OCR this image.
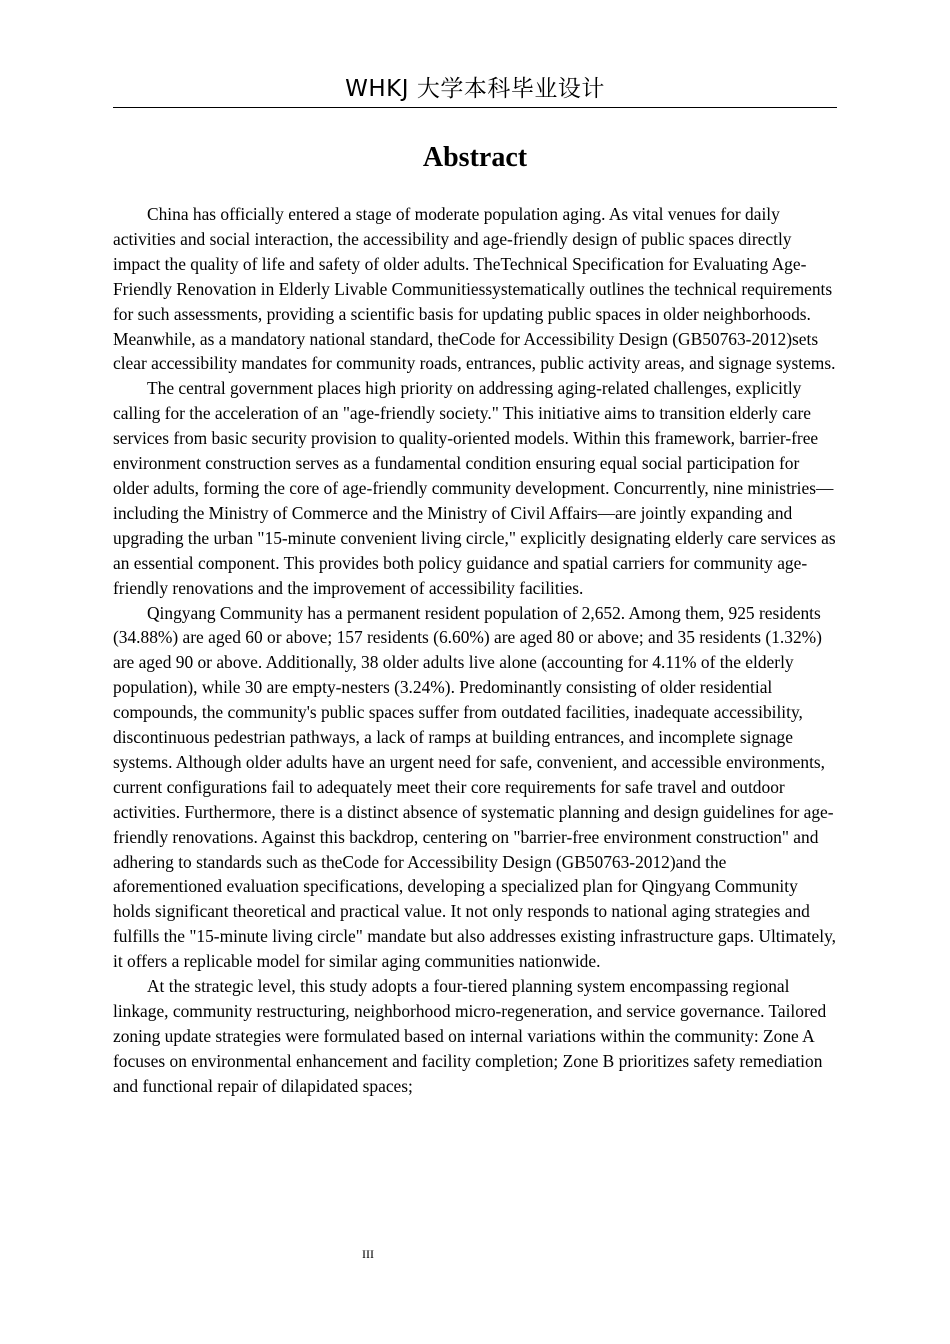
WHKJ 大学本科毕业设计
Abstract

China has officially entered a stage of moderate population aging. As vital venues for daily activities and social interaction, the accessibility and age-friendly design of public spaces directly impact the quality of life and safety of older adults. TheTechnical Specification for Evaluating Age-Friendly Renovation in Elderly Livable Communitiessystematically outlines the technical requirements for such assessments, providing a scientific basis for updating public spaces in older neighborhoods. Meanwhile, as a mandatory national standard, theCode for Accessibility Design (GB50763-2012)sets clear accessibility mandates for community roads, entrances, public activity areas, and signage systems.

The central government places high priority on addressing aging-related challenges, explicitly calling for the acceleration of an "age-friendly society." This initiative aims to transition elderly care services from basic security provision to quality-oriented models. Within this framework, barrier-free environment construction serves as a fundamental condition ensuring equal social participation for older adults, forming the core of age-friendly community development. Concurrently, nine ministries—including the Ministry of Commerce and the Ministry of Civil Affairs—are jointly expanding and upgrading the urban "15-minute convenient living circle," explicitly designating elderly care services as an essential component. This provides both policy guidance and spatial carriers for community age-friendly renovations and the improvement of accessibility facilities.

Qingyang Community has a permanent resident population of 2,652. Among them, 925 residents (34.88%) are aged 60 or above; 157 residents (6.60%) are aged 80 or above; and 35 residents (1.32%) are aged 90 or above. Additionally, 38 older adults live alone (accounting for 4.11% of the elderly population), while 30 are empty-nesters (3.24%). Predominantly consisting of older residential compounds, the community's public spaces suffer from outdated facilities, inadequate accessibility, discontinuous pedestrian pathways, a lack of ramps at building entrances, and incomplete signage systems. Although older adults have an urgent need for safe, convenient, and accessible environments, current configurations fail to adequately meet their core requirements for safe travel and outdoor activities. Furthermore, there is a distinct absence of systematic planning and design guidelines for age-friendly renovations. Against this backdrop, centering on "barrier-free environment construction" and adhering to standards such as theCode for Accessibility Design (GB50763-2012)and the aforementioned evaluation specifications, developing a specialized plan for Qingyang Community holds significant theoretical and practical value. It not only responds to national aging strategies and fulfills the "15-minute living circle" mandate but also addresses existing infrastructure gaps. Ultimately, it offers a replicable model for similar aging communities nationwide.

At the strategic level, this study adopts a four-tiered planning system encompassing regional linkage, community restructuring, neighborhood micro-regeneration, and service governance. Tailored zoning update strategies were formulated based on internal variations within the community: Zone A focuses on environmental enhancement and facility completion; Zone B prioritizes safety remediation and functional repair of dilapidated spaces;

III
